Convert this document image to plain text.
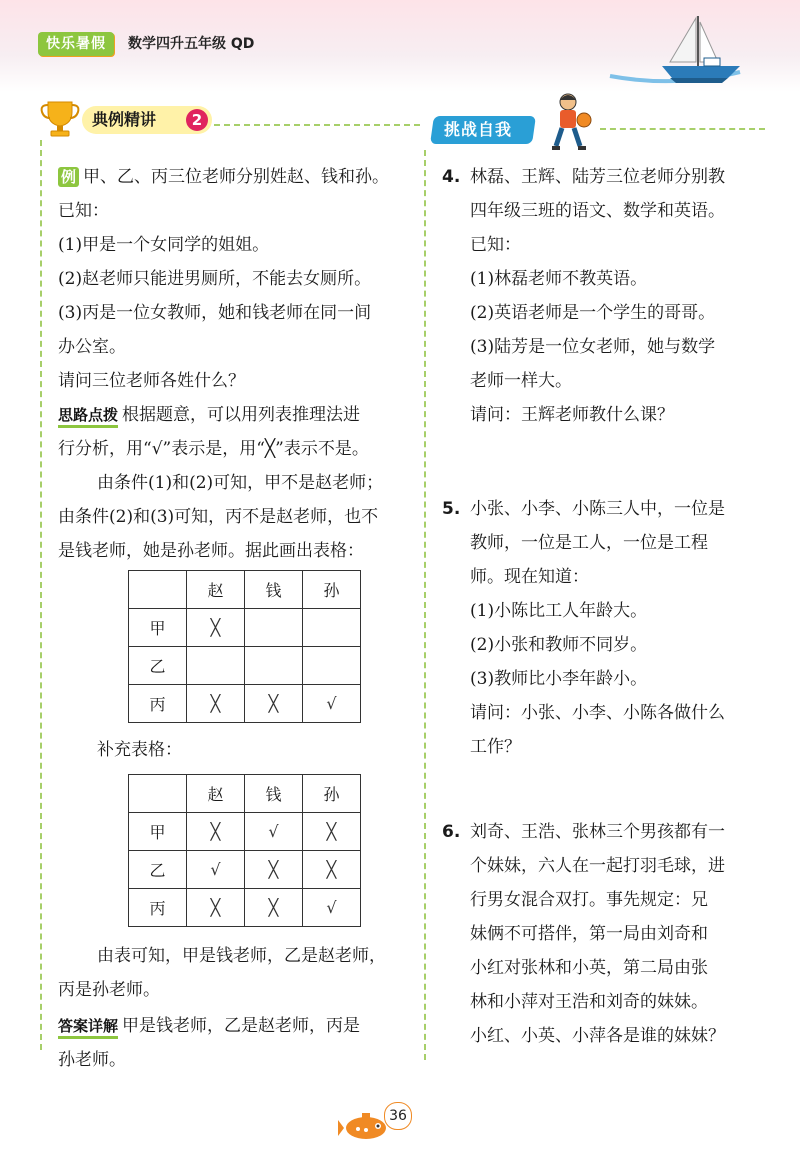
快乐暑假	数学四升五年级 QD
典例精讲	2	挑战自我
例 甲、乙、丙三位老师分别姓赵、钱和孙。
已知：
(1)甲是一个女同学的姐姐。
(2)赵老师只能进男厕所，不能去女厕所。
(3)丙是一位女教师，她和钱老师在同一间
办公室。
请问三位老师各姓什么？
思路点拨 根据题意，可以用列表推理法进
行分析，用“√”表示是，用“╳”表示不是。
由条件(1)和(2)可知，甲不是赵老师；
由条件(2)和(3)可知，丙不是赵老师，也不
是钱老师，她是孙老师。据此画出表格：
	赵	钱	孙
甲	╳		
乙			
丙	╳	╳	√
补充表格：
	赵	钱	孙
甲	╳	√	╳
乙	√	╳	╳
丙	╳	╳	√
由表可知，甲是钱老师，乙是赵老师，
丙是孙老师。
答案详解 甲是钱老师，乙是赵老师，丙是
孙老师。
4. 林磊、王辉、陆芳三位老师分别教
四年级三班的语文、数学和英语。
已知：
(1)林磊老师不教英语。
(2)英语老师是一个学生的哥哥。
(3)陆芳是一位女老师，她与数学
老师一样大。
请问：王辉老师教什么课？
5. 小张、小李、小陈三人中，一位是
教师，一位是工人，一位是工程
师。现在知道：
(1)小陈比工人年龄大。
(2)小张和教师不同岁。
(3)教师比小李年龄小。
请问：小张、小李、小陈各做什么
工作？
6. 刘奇、王浩、张林三个男孩都有一
个妹妹，六人在一起打羽毛球，进
行男女混合双打。事先规定：兄
妹俩不可搭伴，第一局由刘奇和
小红对张林和小英，第二局由张
林和小萍对王浩和刘奇的妹妹。
小红、小英、小萍各是谁的妹妹？
36
